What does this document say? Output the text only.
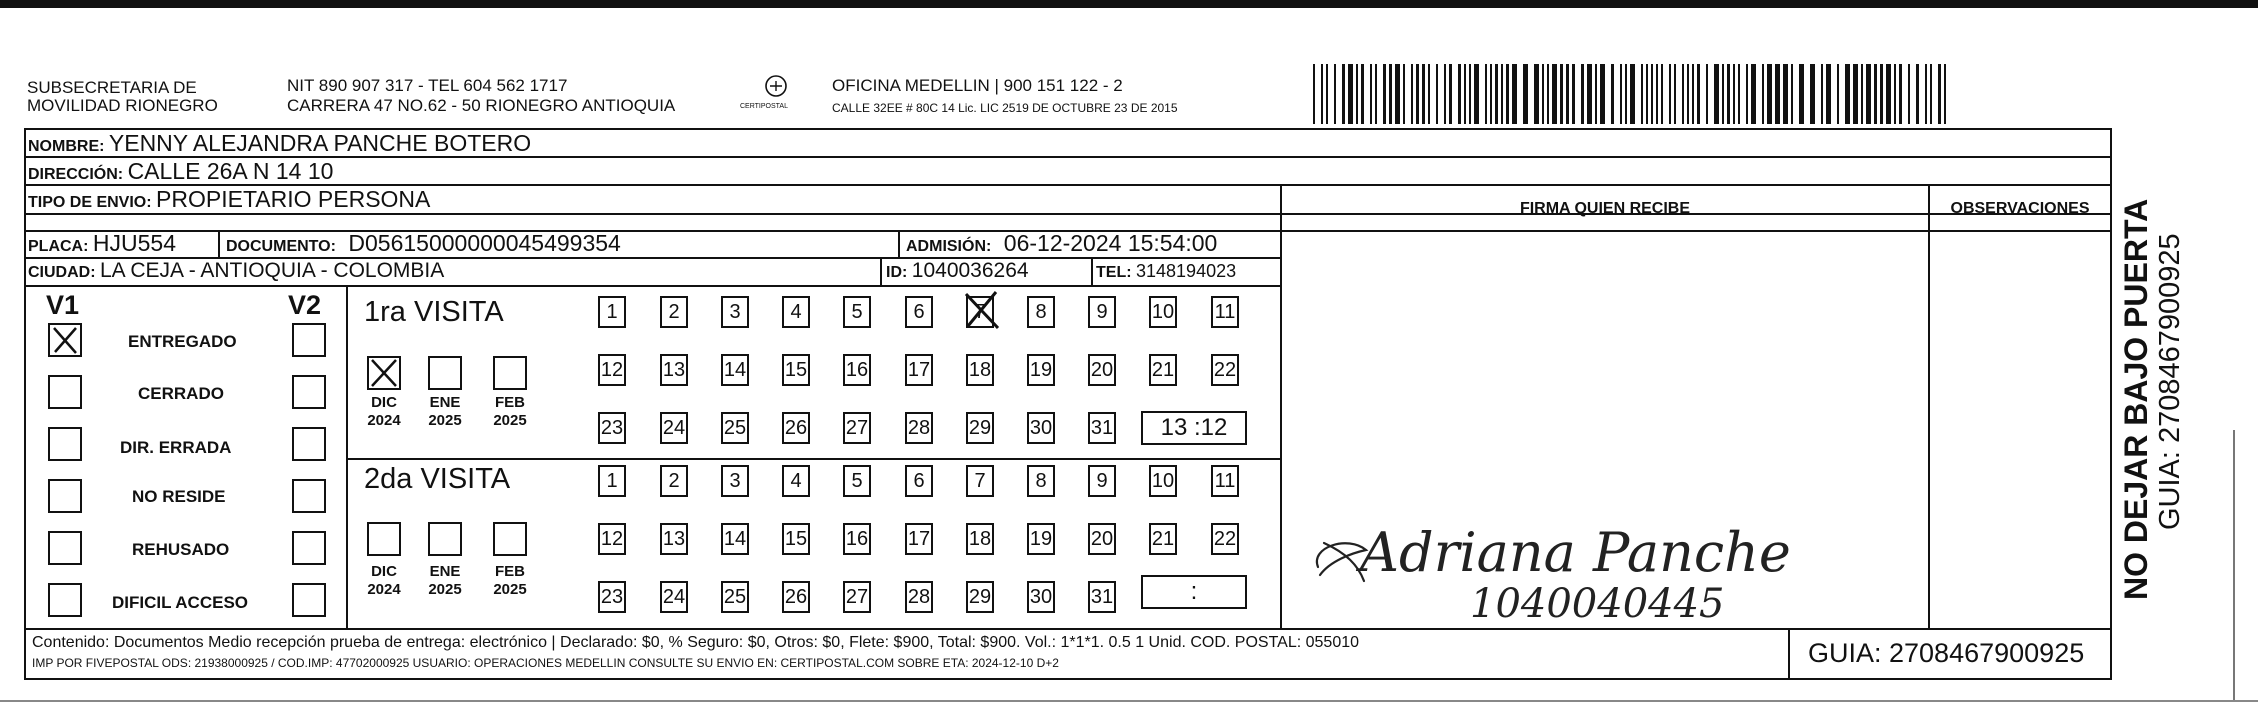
SUBSECRETARIA DE
MOVILIDAD RIONEGRO
NIT 890 907 317 - TEL 604 562 1717
CARRERA 47 NO.62 - 50 RIONEGRO ANTIOQUIA	CERTIPOSTAL
OFICINA MEDELLIN | 900 151 122 - 2
CALLE 32EE # 80C 14 Lic. LIC 2519 DE OCTUBRE 23 DE 2015
NOMBRE: YENNY ALEJANDRA PANCHE BOTERO
DIRECCIÓN: CALLE 26A N 14 10
TIPO DE ENVIO: PROPIETARIO PERSONA	FIRMA QUIEN RECIBE	OBSERVACIONES
PLACA: HJU554	DOCUMENTO: D05615000000045499354	ADMISIÓN: 06-12-2024 15:54:00
CIUDAD: LA CEJA - ANTIOQUIA - COLOMBIA	ID: 1040036264	TEL: 3148194023
V1	V2
ENTREGADO
CERRADO
DIR. ERRADA
NO RESIDE
REHUSADO
DIFICIL ACCESO
1ra VISITA
DIC
2024
ENE
2025
FEB
2025
1	2	3	4	5	6	7	8	9	10 11
12 13 14 15 16 17 18 19 20 21 22
23 24 25 26 27 28 29 30 31	13 :12
2da VISITA
DIC
2024
ENE
2025
FEB
2025
1	2	3	4	5	6	7	8	9	10 11
12 13 14 15 16 17 18 19 20 21 22
23 24 25 26 27 28 29 30 31	:
Adriana Panche
1040040445
Contenido: Documentos Medio recepción prueba de entrega: electrónico | Declarado: $0, % Seguro: $0, Otros: $0, Flete: $900, Total: $900. Vol.: 1*1*1. 0.5 1 Unid. COD. POSTAL: 055010
IMP POR FIVEPOSTAL ODS: 21938000925 / COD.IMP: 47702000925 USUARIO: OPERACIONES MEDELLIN CONSULTE SU ENVIO EN: CERTIPOSTAL.COM SOBRE ETA: 2024-12-10 D+2	GUIA: 2708467900925
NO DEJAR BAJO PUERTA GUIA: 2708467900925
